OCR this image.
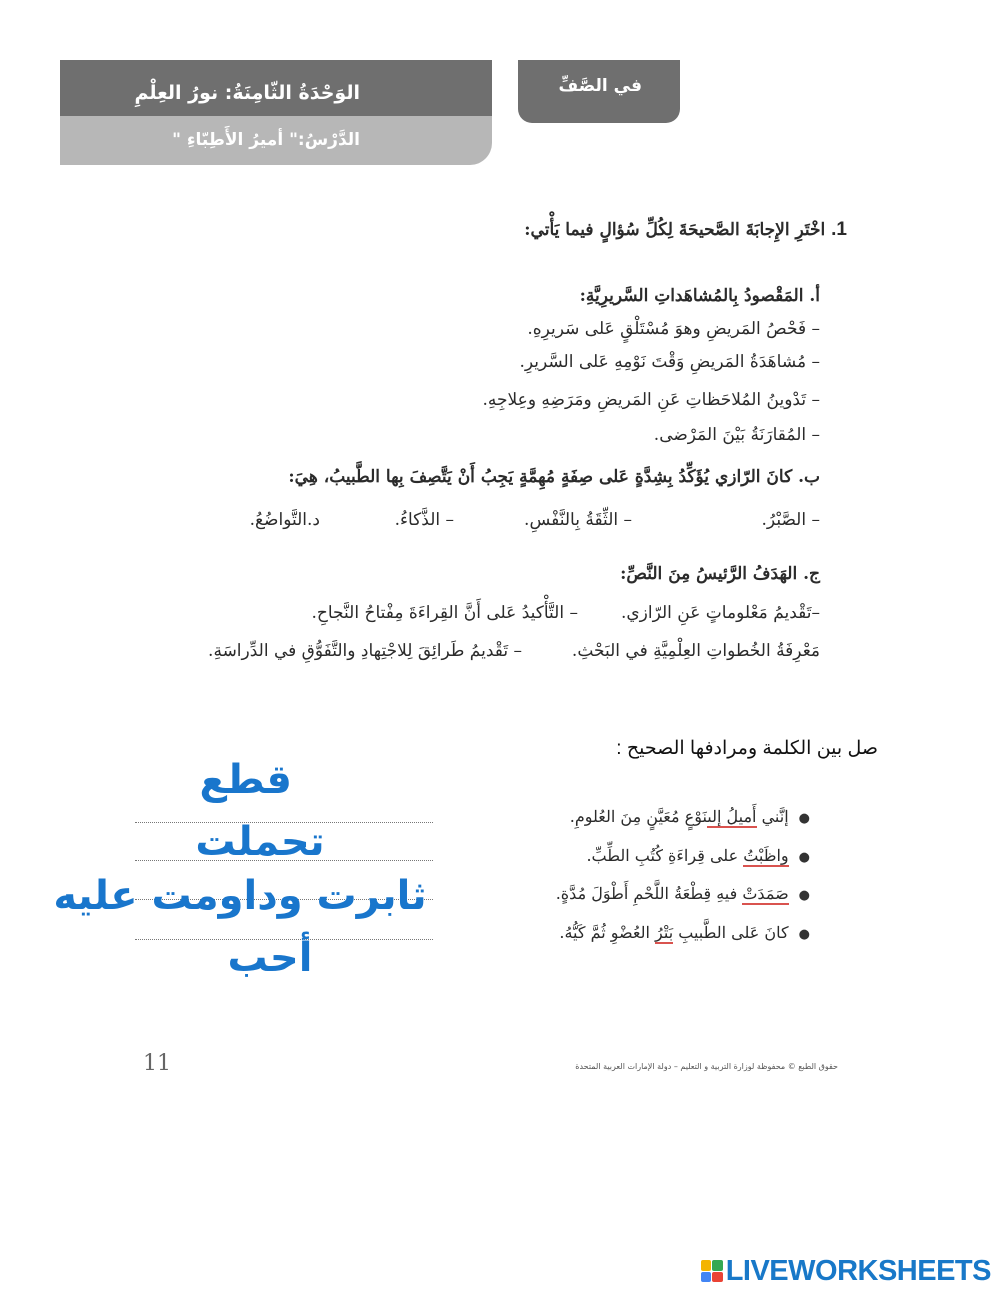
الوَحْدَةُ الثّامِنَةُ: نورُ العِلْمِ
الدَّرْسُ:" أميرُ الأَطِبّاءِ "
في الصَّفِّ
1. اخْتَرِ الإِجابَةَ الصَّحيحَةَ لِكُلِّ سُؤالٍ فيما يَأْتي:
أ. المَقْصودُ بِالمُشاهَداتِ السَّريرِيَّةِ:
– فَحْصُ المَريضِ وهوَ مُسْتَلْقٍ عَلى سَريرِهِ.
– مُشاهَدَةُ المَريضِ وَقْتَ نَوْمِهِ عَلى السَّريرِ.
– تَدْوينُ المُلاحَظاتِ عَنِ المَريضِ ومَرَضِهِ وعِلاجِهِ.
– المُقارَنَةُ بَيْنَ المَرْضى.
ب. كانَ الرّازي يُؤَكِّدُ بِشِدَّةٍ عَلى صِفَةٍ مُهِمَّةٍ يَجِبُ أَنْ يَتَّصِفَ بِها الطَّبيبُ، هِيَ:
– الصَّبْرُ.
– الثِّقَةُ بِالنَّفْسِ.
– الذَّكاءُ.
د.التَّواضُعُ.
ج. الهَدَفُ الرَّئيسُ مِنَ النَّصِّ:
–تَقْديمُ مَعْلوماتٍ عَنِ الرّازي.
– التَّأْكيدُ عَلى أَنَّ القِراءَةَ مِفْتاحُ النَّجاحِ.
مَعْرِفَةُ الخُطواتِ العِلْمِيَّةِ في البَحْثِ.
– تَقْديمُ طَرائِقَ لِلاجْتِهادِ والتَّفَوُّقِ في الدِّراسَةِ.
صل بين الكلمة ومرادفها الصحيح :
●إنَّني أَميلُ إلىنَوْعٍ مُعَيَّنٍ مِنَ العُلومِ.
●واظَبْتُ على قِراءَةِ كُتُبِ الطِّبِّ.
●صَمَدَتْ فيهِ قِطْعَةُ اللَّحْمِ أَطْوَلَ مُدَّةٍ.
●كانَ عَلى الطَّبيبِ بَتْرُ العُضْوِ ثُمَّ كَيُّهُ.
قطع
تحملت
ثابرت وداومت عليه
أحب
11	حقوق الطبع © محفوظة لوزارة التربية و التعليم – دولة الإمارات العربية المتحدة
LIVEWORKSHEETS
